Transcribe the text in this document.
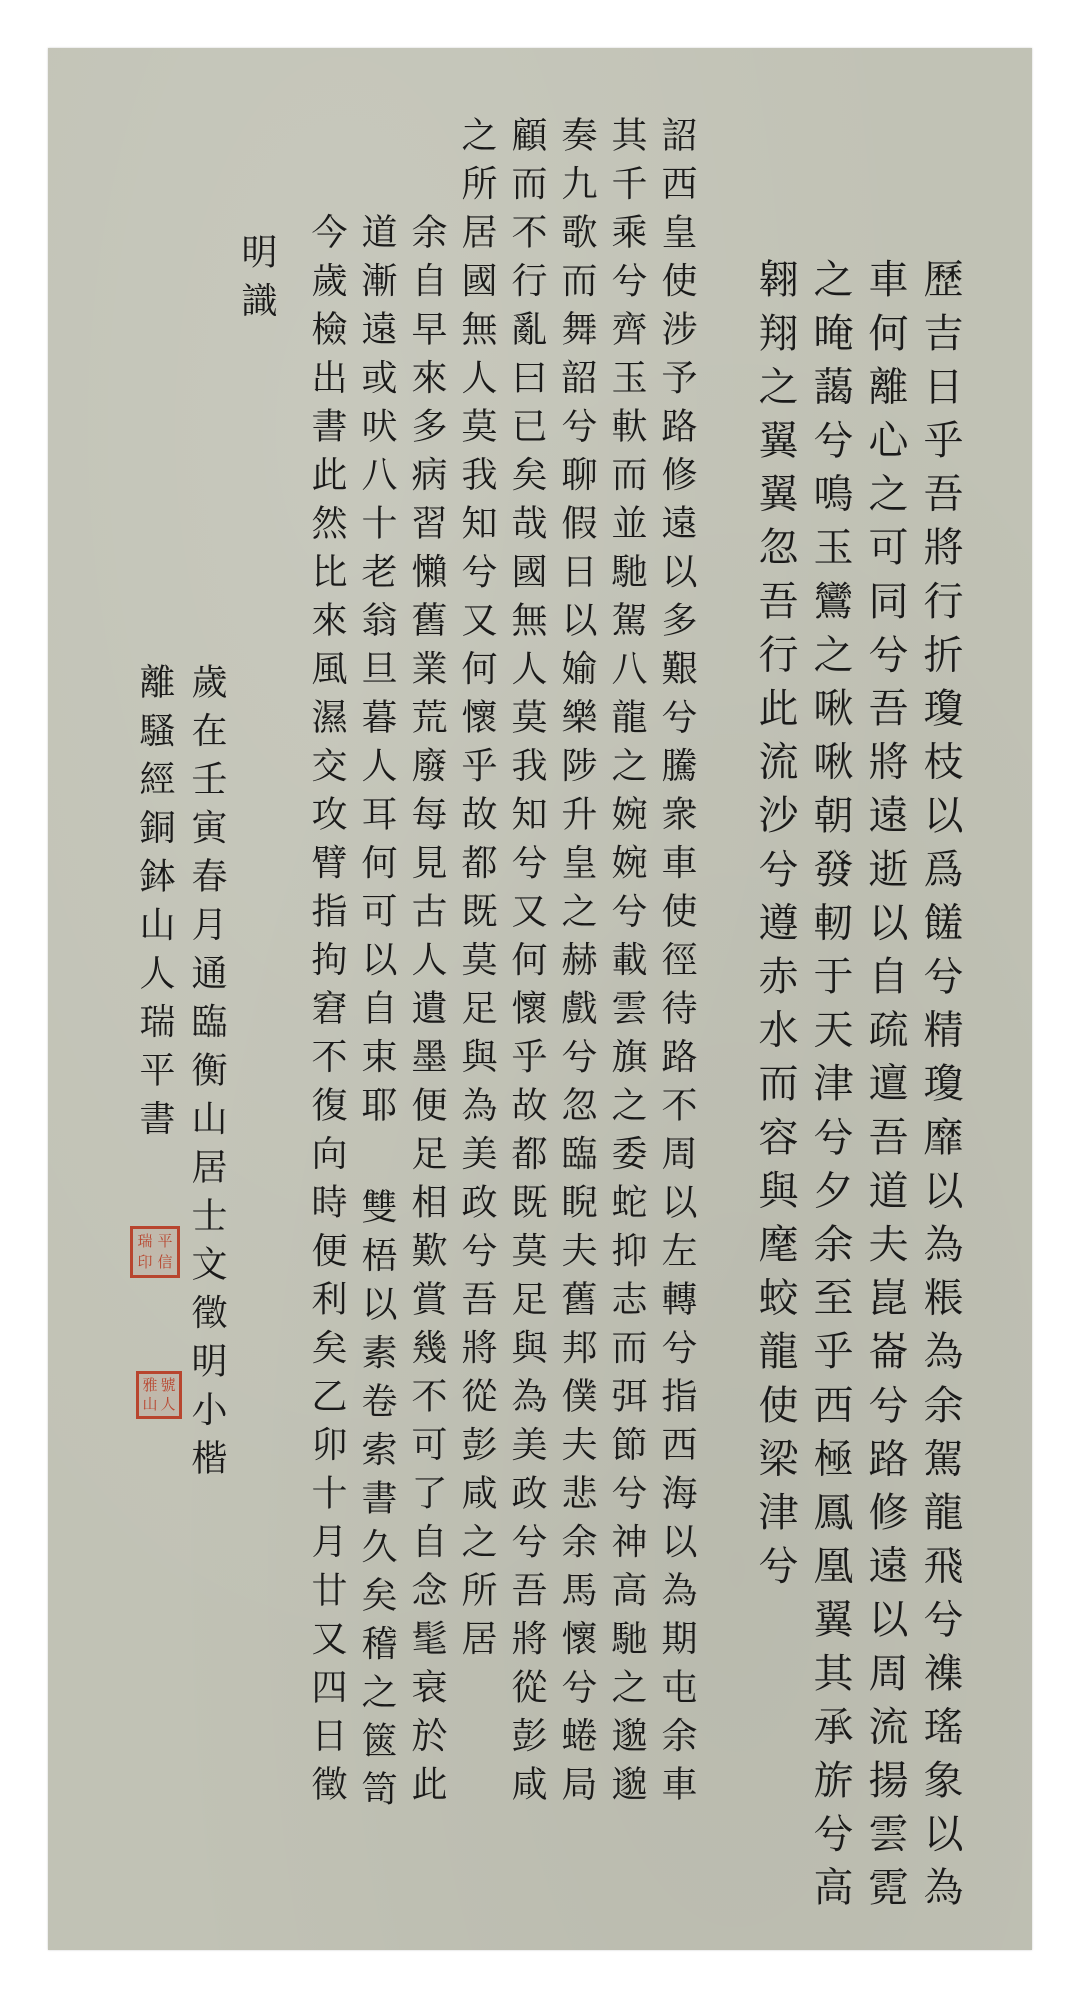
歷吉日乎吾將行折瓊枝以爲饈兮精瓊靡以為粻為余駕龍飛兮襍瑤象以為
車何離心之可同兮吾將遠逝以自疏邅吾道夫崑崙兮路修遠以周流揚雲霓
之晻藹兮鳴玉鸞之啾啾朝發軔于天津兮夕余至乎西極鳳凰翼其承旂兮高
翱翔之翼翼忽吾行此流沙兮遵赤水而容與麾蛟龍使梁津兮
詔西皇使涉予路修遠以多艱兮騰衆車使徑待路不周以左轉兮指西海以為期屯余車
其千乘兮齊玉軑而並馳駕八龍之婉婉兮載雲旗之委蛇抑志而弭節兮神高馳之邈邈
奏九歌而舞韶兮聊假日以媮樂陟升皇之赫戲兮忽臨睨夫舊邦僕夫悲余馬懷兮蜷局
顧而不行亂曰已矣哉國無人莫我知兮又何懷乎故都既莫足與為美政兮吾將從彭咸
之所居國無人莫我知兮又何懷乎故都既莫足與為美政兮吾將從彭咸之所居
余自早來多病習懶舊業荒廢每見古人遺墨便足相歎賞幾不可了自念髦衰於此
道漸遠或吠八十老翁旦暮人耳何可以自束耶 雙梧以素卷索書久矣稽之篋笥
今歲檢出書此然比來風濕交攻臂指拘窘不復向時便利矣乙卯十月廿又四日徵
明識
歲在壬寅春月通臨衡山居士文徵明小楷
離騷經銅鉢山人瑞平書
瑞 平
印 信
雅 號
山 人
